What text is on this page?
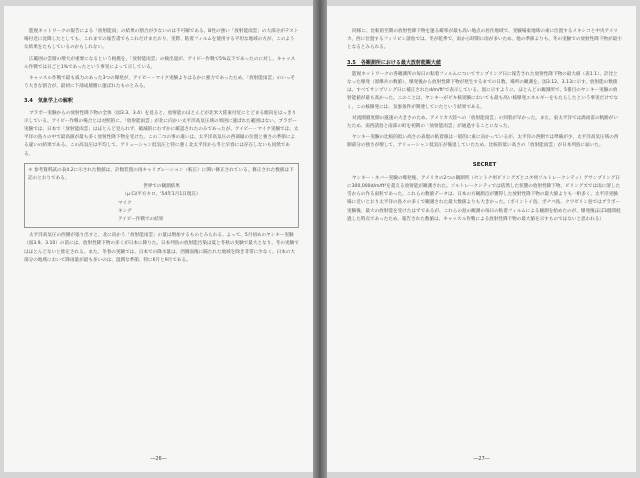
監視ネットワークの報告による「放射能雨」の結果の割合が少ないのは不可解である。B性の強い「放射能雨雲」の大部分がテスト場付近に沈降したとしても、これまでの報告書でもこれだけまたおり、実際、粘着フィルムを使用する平坦な地域の方が、このような結果をたもしているのかもしれない。

広範囲の雲層の増大が重要になるという根拠を、「放射能雨雲」の検出量が、アイビー作戦で5%以下であったのに対し、キャッスル作戦では日ごと1%であったという事実によって示している。

キャッスル作戦で最も威力のあった3つの爆発が、アイビー・マイク実験よりはるかに強力であったため、「放射能雨雲」のいっそう大きな割合が、最初に下部成層圏に運ばれたものとみる。

3.4　気象学上の解釈

ブラボー実験からの放射性降下物の全体（図3.3、3.4）を見ると、放射能のほとんどが北米大陸東付近にとどまる傾向をはっきり示している。アイビー作戦の場合とは対照的に、「放射能雨雲」が北に向かい太平洋高気圧域の周囲に運ばれた範囲はない。ブラボー実験では、日本で「放射能雨雲」はほとんど見られず、破滅的にわずかに確認されたのみであったが、アイビー・マイク実験では、太平洋の島々の中で最高値が最も多く放射性降下物を受けた。この二つの事の違いは、太平洋高気圧の西部縁の位置と強さの季節による違いの結果である。この高気圧は平均して、アリューシャン低気圧と特に強く北太平洋から冬と早春には存在しないも同然である。

＊ 参考資料試の表4.2に示された数値は、計数装置の再キャリブレーション（較正）に関い修正されている。修正された数値は下記のとおりである。
世界での観測結果
（μ Ci/平方キロ、'54年1月1日現在）
マイク
キング
アイビー作戦での結果

太平洋高気圧の西側が張り出すと、北に向かう「放射能雨雲」の量は増加するものとみられる。よって、5月初めのヤンキー実験（図3.9、3.10）の前には、放射性降下物の多くが日本に降りた。日本列島の放射能汚染は夏と冬秋の実験で最大となり、冬の実験ではほとんどないと推定される。また、冬春の実験では、日本での降水量は、西側面後に隔たれた地域を除き非常に少なく、日本の大部分の地域において降雨量が最も多いのは、湿潤な季節、特に6月と9月である。

―26―

同様に、比較的至期の放射性降下物を運る確率が最も高い地点の居住地域で、実験場東地域の東に位置するメキシコと中央アメリカ、西に位置するフィリピン諸島では、冬が乾季で、雨から時期に雨が多いため、他の季節よりも、冬の実験での放射性降下物が最小となるとみられる。

3.5　各観測所における最大放射能観大値

監視ネットワークの各観測所の毎日の粘着フィルムについてサンプリング日に報告された放射性降下物の最大値（表1.1）、計比となった爆発（原爆兵の数値）、爆発後から放射性降下物が発生するまでの日数、場所の観測を、図3.12、3.13に示す。放射能の数値は、すべてサンプリング日に補正されたd/m/ft²で表示している。図に示すように、ほとんどの観測所で、5番目のヤンキー実験の放射能値が最も高かった。このことは、ヤンキーがビキ核実験においても最も高い核爆発エネルギーをもたらしたという事実だけでなく、この核爆発には、気象条件が関連していたという結果である。

対流圏層度側の風速の大きさのため、アメリカ大陸への「放射能雨雲」の到着が早かった。また、東太平洋では渦雨雷の軌跡がいたため、南西諸島と南部の町を初期の「放射能雨雲」が通過することになった。

ヤンキー実験の比較的低い高さの表現の粘着値は一般的に東に向かっているが、太平洋の西側では準備が少、太平洋高気圧域の西側部分の強さが増して、アリューシャン低気圧が後退していたため、比較的低い高さの「放射能雨雲」が日本列島に届いた。

SECRET

ヤンキー・ネバー実験の爆発後、アメリカの2つの観測所（セントナ州ビリングズとユタ州ソルトレークシティ）ゲサンプリング日に300,000d/m/ft²を超える放射能が観測された。ソルトレークシティでは依然した状態の放射性降下物、ビリングズでは雨に溶した雪からの作る雨粒であった。これらの数値データは、日本の方観測点が獲得した放射性降下物の最大値よりも一桁多く、太平洋実験場に近いとおり太平洋の島々の多くで観測された最大数値よりも大きかった。（ポイントイ島、ポナペ島、クワゼリン島ではブラボー実験後、最大の放射能を受けたはずであるが、これらの島の観測の毎日の粘着フィルムによる観測を始めたのが、爆発後ほぼ3週間経過した時点であったため、報告された数値は、キャッスル作戦による放射性降下物の最大値を示すものではないと思われる）

―27―
